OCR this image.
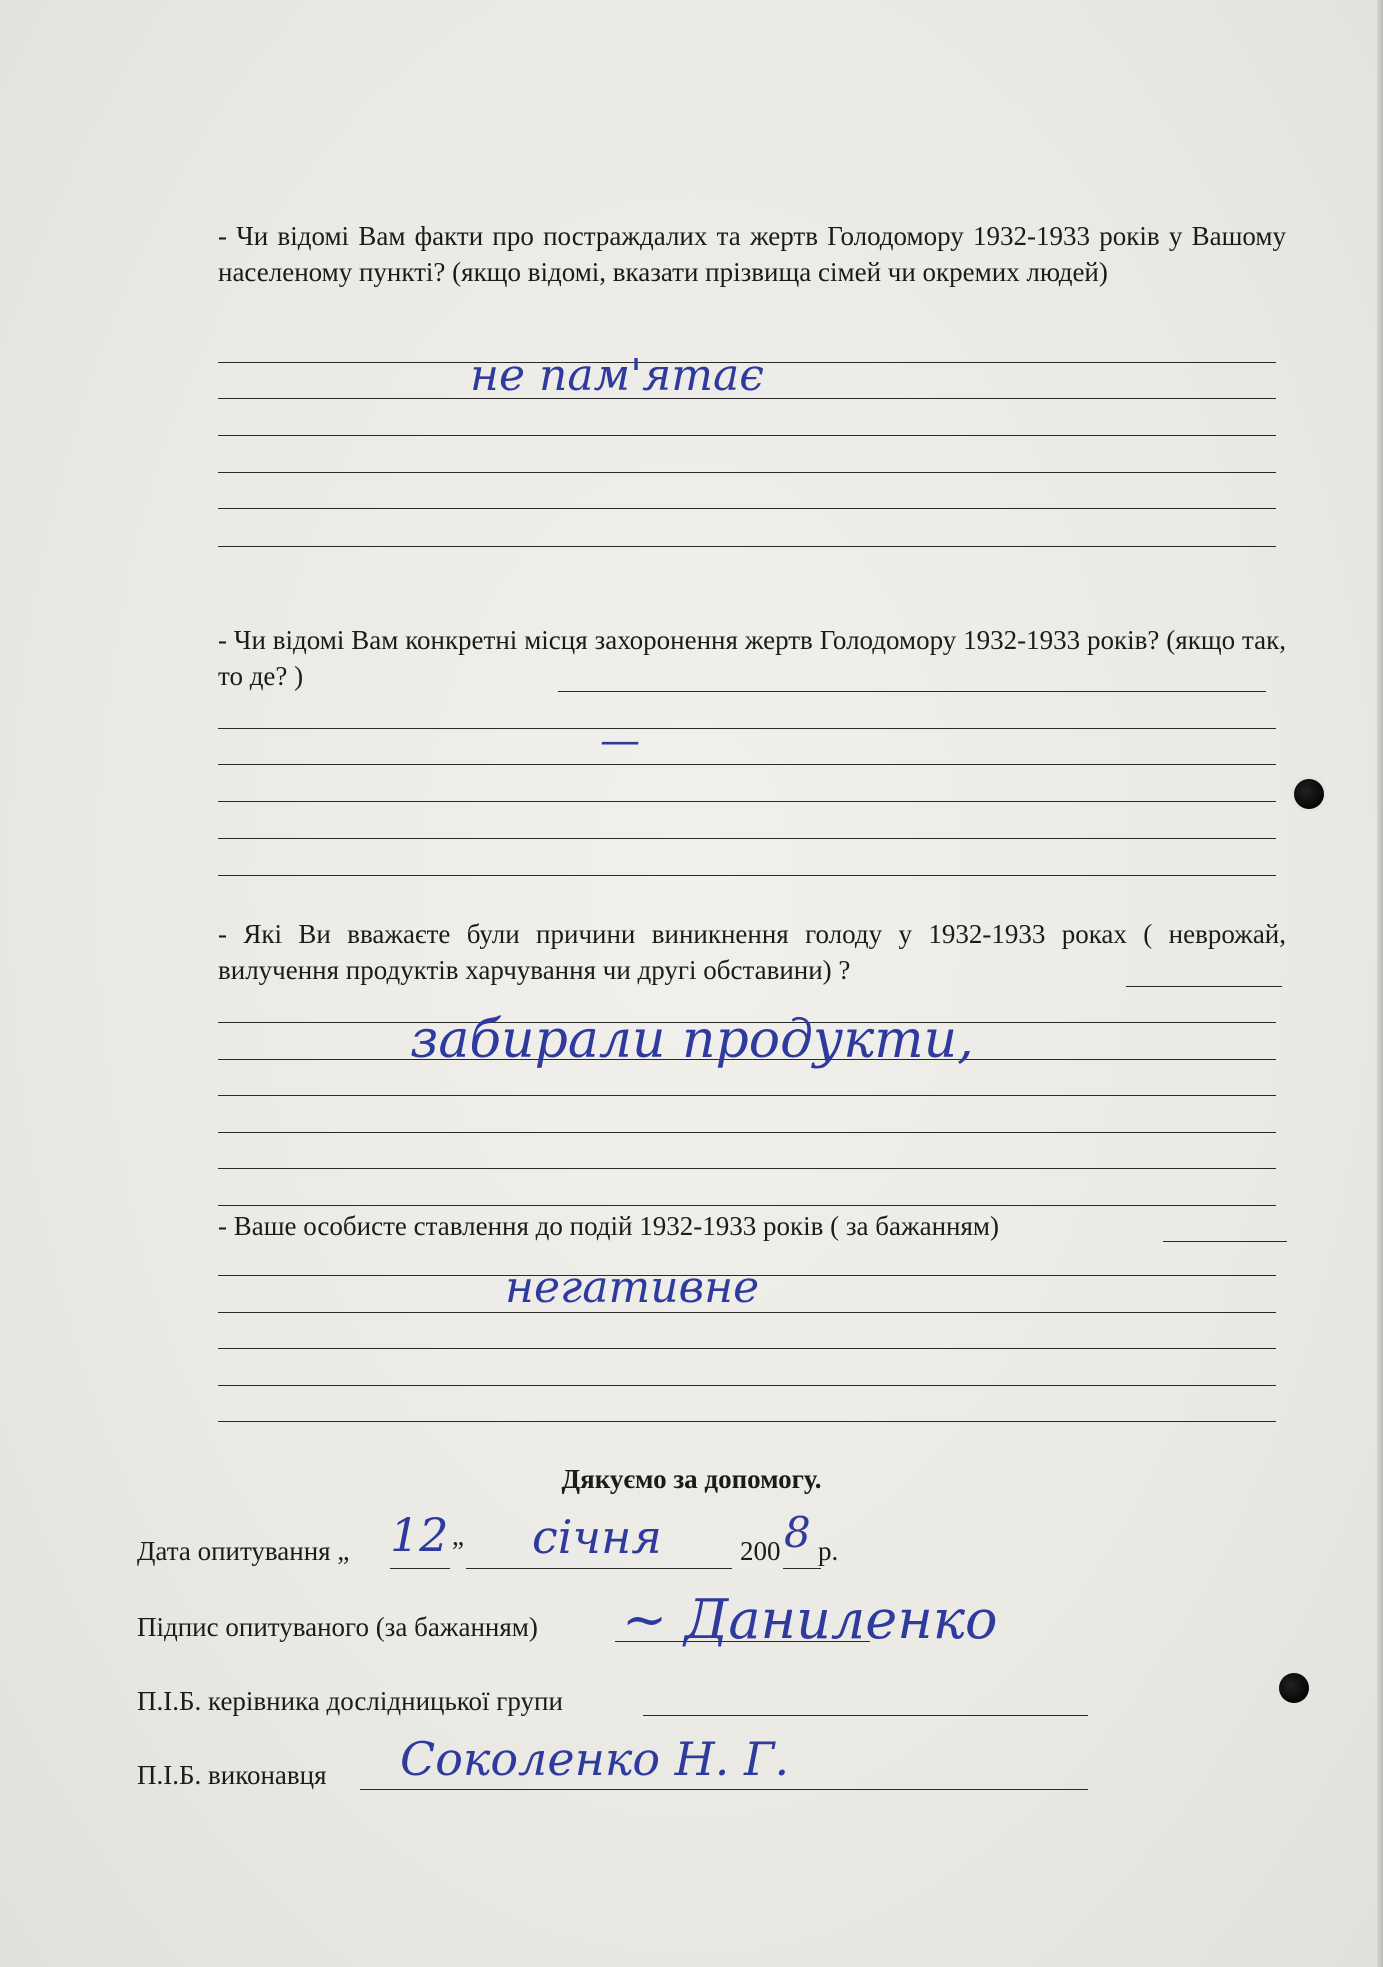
- Чи відомі Вам факти про постраждалих та жертв Голодомору 1932-1933 років у Вашому населеному пункті? (якщо відомі, вказати прізвища сімей чи окремих людей)
не пам'ятає
- Чи відомі Вам конкретні місця захоронення жертв Голодомору 1932-1933 років? (якщо так, то де? )
—
- Які Ви вважаєте були причини виникнення голоду у 1932-1933 роках ( неврожай, вилучення продуктів харчування чи другі обставини) ?
забирали продукти,
- Ваше особисте ставлення до подій 1932-1933 років ( за бажанням)
негативне
Дякуємо за допомогу.
Дата опитування „ 12 ” січня	200 8 р.
Підпис опитуваного (за бажанням) ~ Даниленко
П.І.Б. керівника дослідницької групи
П.І.Б. виконавця Соколенко Н. Г.
